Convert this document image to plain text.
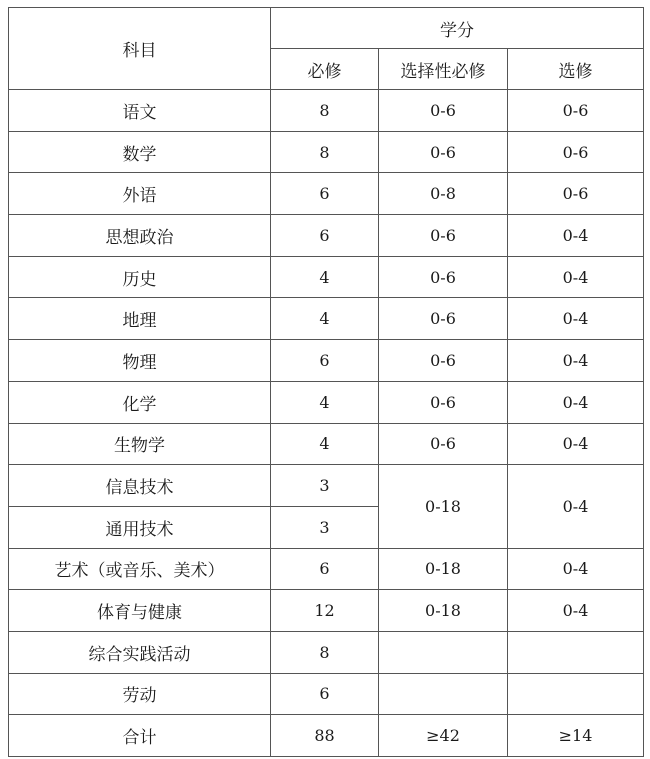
科目	学分		
	必修	选择性必修	选修
语文	8	0-6	0-6
数学	8	0-6	0-6
外语	6	0-8	0-6
思想政治	6	0-6	0-4
历史	4	0-6	0-4
地理	4	0-6	0-4
物理	6	0-6	0-4
化学	4	0-6	0-4
生物学	4	0-6	0-4
信息技术	3	0-18	0-4
通用技术	3		
艺术（或音乐、美术）	6	0-18	0-4
体育与健康	12	0-18	0-4
综合实践活动	8		
劳动	6		
合计	88	≥42	≥14
